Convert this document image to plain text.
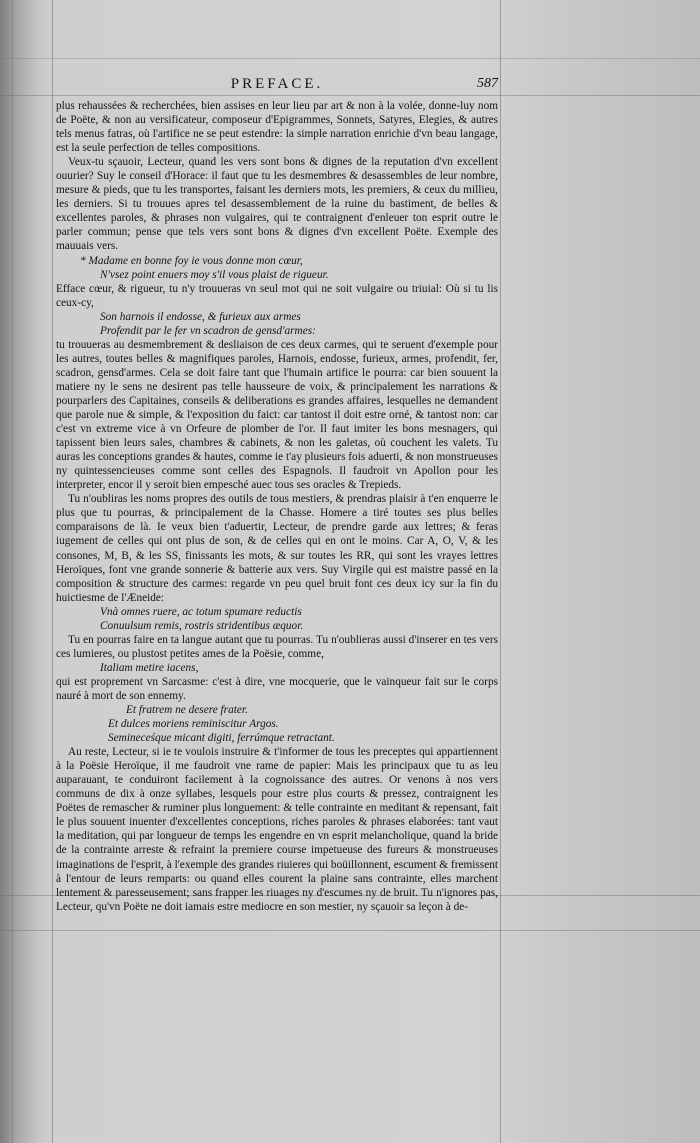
PREFACE.	587

plus rehaussées & recherchées, bien assises en leur lieu par art & non à la volée, donne-luy nom de Poëte, & non au versificateur, composeur d'Epigrammes, Sonnets, Satyres, Elegies, & autres tels menus fatras, où l'artifice ne se peut estendre: la simple narration enrichie d'vn beau langage, est la seule perfection de telles compositions.

Veux-tu sçauoir, Lecteur, quand les vers sont bons & dignes de la reputation d'vn excellent ouurier? Suy le conseil d'Horace: il faut que tu les desmembres & desassembles de leur nombre, mesure & pieds, que tu les transportes, faisant les derniers mots, les premiers, & ceux du millieu, les derniers. Si tu trouues apres tel desassemblement de la ruine du bastiment, de belles & excellentes paroles, & phrases non vulgaires, qui te contraignent d'enleuer ton esprit outre le parler commun; pense que tels vers sont bons & dignes d'vn excellent Poëte. Exemple des mauuais vers.

* Madame en bonne foy ie vous donne mon cœur,

N'vsez point enuers moy s'il vous plaist de rigueur.

Efface cœur, & rigueur, tu n'y trouueras vn seul mot qui ne soit vulgaire ou triuial: Où si tu lis ceux-cy,

Son harnois il endosse, & furieux aux armes

Profendit par le fer vn scadron de gensd'armes:

tu trouueras au desmembrement & desliaison de ces deux carmes, qui te seruent d'exemple pour les autres, toutes belles & magnifiques paroles, Harnois, endosse, furieux, armes, profendit, fer, scadron, gensd'armes. Cela se doit faire tant que l'humain artifice le pourra: car bien souuent la matiere ny le sens ne desirent pas telle hausseure de voix, & principalement les narrations & pourparlers des Capitaines, conseils & deliberations es grandes affaires, lesquelles ne demandent que parole nue & simple, & l'exposition du faict: car tantost il doit estre orné, & tantost non: car c'est vn extreme vice à vn Orfeure de plomber de l'or. Il faut imiter les bons mesnagers, qui tapissent bien leurs sales, chambres & cabinets, & non les galetas, où couchent les valets. Tu auras les conceptions grandes & hautes, comme ie t'ay plusieurs fois aduerti, & non monstrueuses ny quintessencieuses comme sont celles des Espagnols. Il faudroit vn Apollon pour les interpreter, encor il y seroit bien empesché auec tous ses oracles & Trepieds.

Tu n'oubliras les noms propres des outils de tous mestiers, & prendras plaisir à t'en enquerre le plus que tu pourras, & principalement de la Chasse. Homere a tiré toutes ses plus belles comparaisons de là. Ie veux bien t'aduertir, Lecteur, de prendre garde aux lettres; & feras iugement de celles qui ont plus de son, & de celles qui en ont le moins. Car A, O, V, & les consones, M, B, & les SS, finissants les mots, & sur toutes les RR, qui sont les vrayes lettres Heroïques, font vne grande sonnerie & batterie aux vers. Suy Virgile qui est maistre passé en la composition & structure des carmes: regarde vn peu quel bruit font ces deux icy sur la fin du huictiesme de l'Æneide:

Vnà omnes ruere, ac totum spumare reductis

Conuulsum remis, rostris stridentibus æquor.

Tu en pourras faire en ta langue autant que tu pourras. Tu n'oublieras aussi d'inserer en tes vers ces lumieres, ou plustost petites ames de la Poësie, comme,

Italiam metire iacens,

qui est proprement vn Sarcasme: c'est à dire, vne mocquerie, que le vainqueur fait sur le corps nauré à mort de son ennemy.

Et fratrem ne desere frater.

Et dulces moriens reminiscitur Argos.

Semineceśque micant digiti, ferrúmque retractant.

Au reste, Lecteur, si ie te voulois instruire & t'informer de tous les preceptes qui appartiennent à la Poësie Heroïque, il me faudroit vne rame de papier: Mais les principaux que tu as leu auparauant, te conduiront facilement à la cognoissance des autres. Or venons à nos vers communs de dix à onze syllabes, lesquels pour estre plus courts & pressez, contraignent les Poëtes de remascher & ruminer plus longuement: & telle contrainte en meditant & repensant, fait le plus souuent inuenter d'excellentes conceptions, riches paroles & phrases elaborées: tant vaut la meditation, qui par longueur de temps les engendre en vn esprit melancholique, quand la bride de la contrainte arreste & refraint la premiere course impetueuse des fureurs & monstrueuses imaginations de l'esprit, à l'exemple des grandes riuieres qui boüillonnent, escument & fremissent à l'entour de leurs remparts: ou quand elles courent la plaine sans contrainte, elles marchent lentement & paresseusement; sans frapper les riuages ny d'escumes ny de bruit. Tu n'ignores pas, Lecteur, qu'vn Poëte ne doit iamais estre mediocre en son mestier, ny sçauoir sa leçon à de-
